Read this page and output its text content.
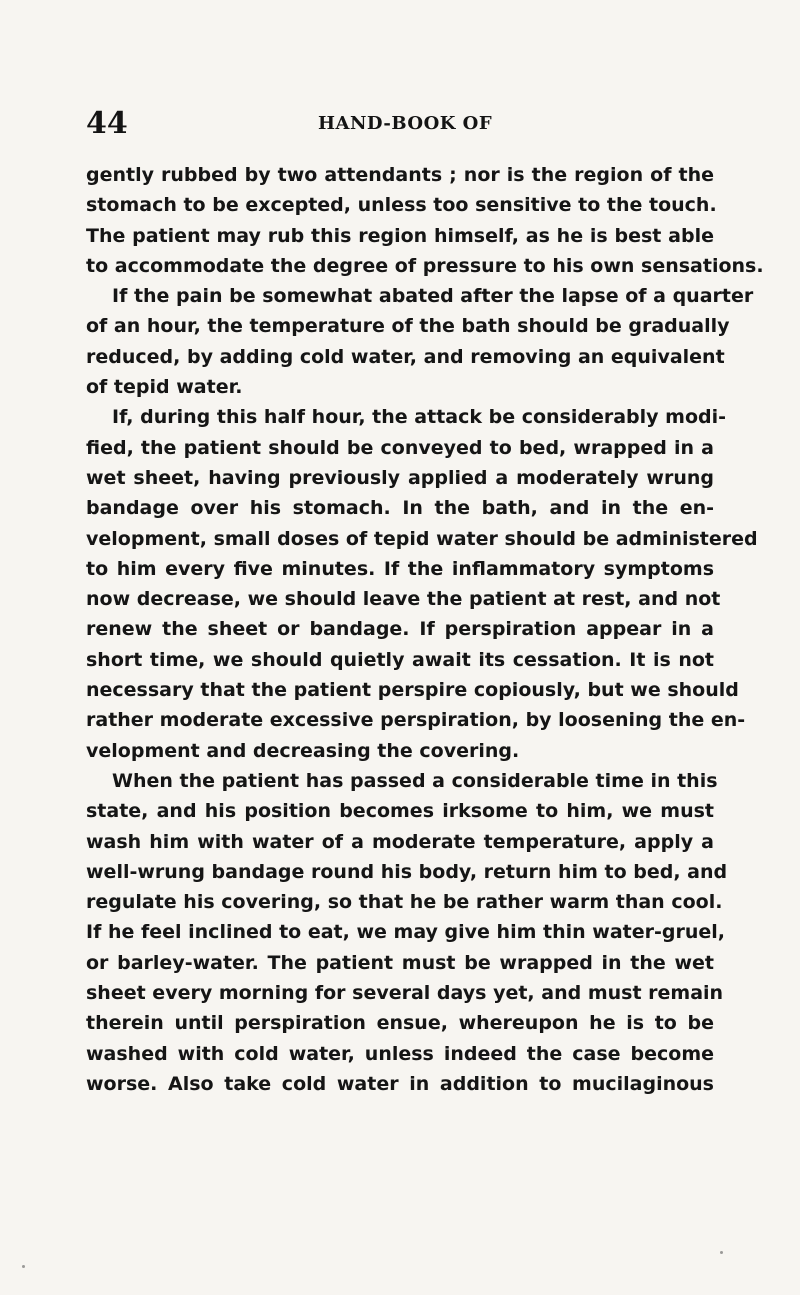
44	HAND-BOOK OF
gently rubbed by two attendants ; nor is the region of the
stomach to be excepted, unless too sensitive to the touch.
The patient may rub this region himself, as he is best able
to accommodate the degree of pressure to his own sensations.
If the pain be somewhat abated after the lapse of a quarter
of an hour, the temperature of the bath should be gradually
reduced, by adding cold water, and removing an equivalent
of tepid water.
If, during this half hour, the attack be considerably modi-
fied, the patient should be conveyed to bed, wrapped in a
wet sheet, having previously applied a moderately wrung
bandage over his stomach. In the bath, and in the en-
velopment, small doses of tepid water should be administered
to him every five minutes. If the inflammatory symptoms
now decrease, we should leave the patient at rest, and not
renew the sheet or bandage. If perspiration appear in a
short time, we should quietly await its cessation. It is not
necessary that the patient perspire copiously, but we should
rather moderate excessive perspiration, by loosening the en-
velopment and decreasing the covering.
When the patient has passed a considerable time in this
state, and his position becomes irksome to him, we must
wash him with water of a moderate temperature, apply a
well-wrung bandage round his body, return him to bed, and
regulate his covering, so that he be rather warm than cool.
If he feel inclined to eat, we may give him thin water-gruel,
or barley-water. The patient must be wrapped in the wet
sheet every morning for several days yet, and must remain
therein until perspiration ensue, whereupon he is to be
washed with cold water, unless indeed the case become
worse. Also take cold water in addition to mucilaginous
